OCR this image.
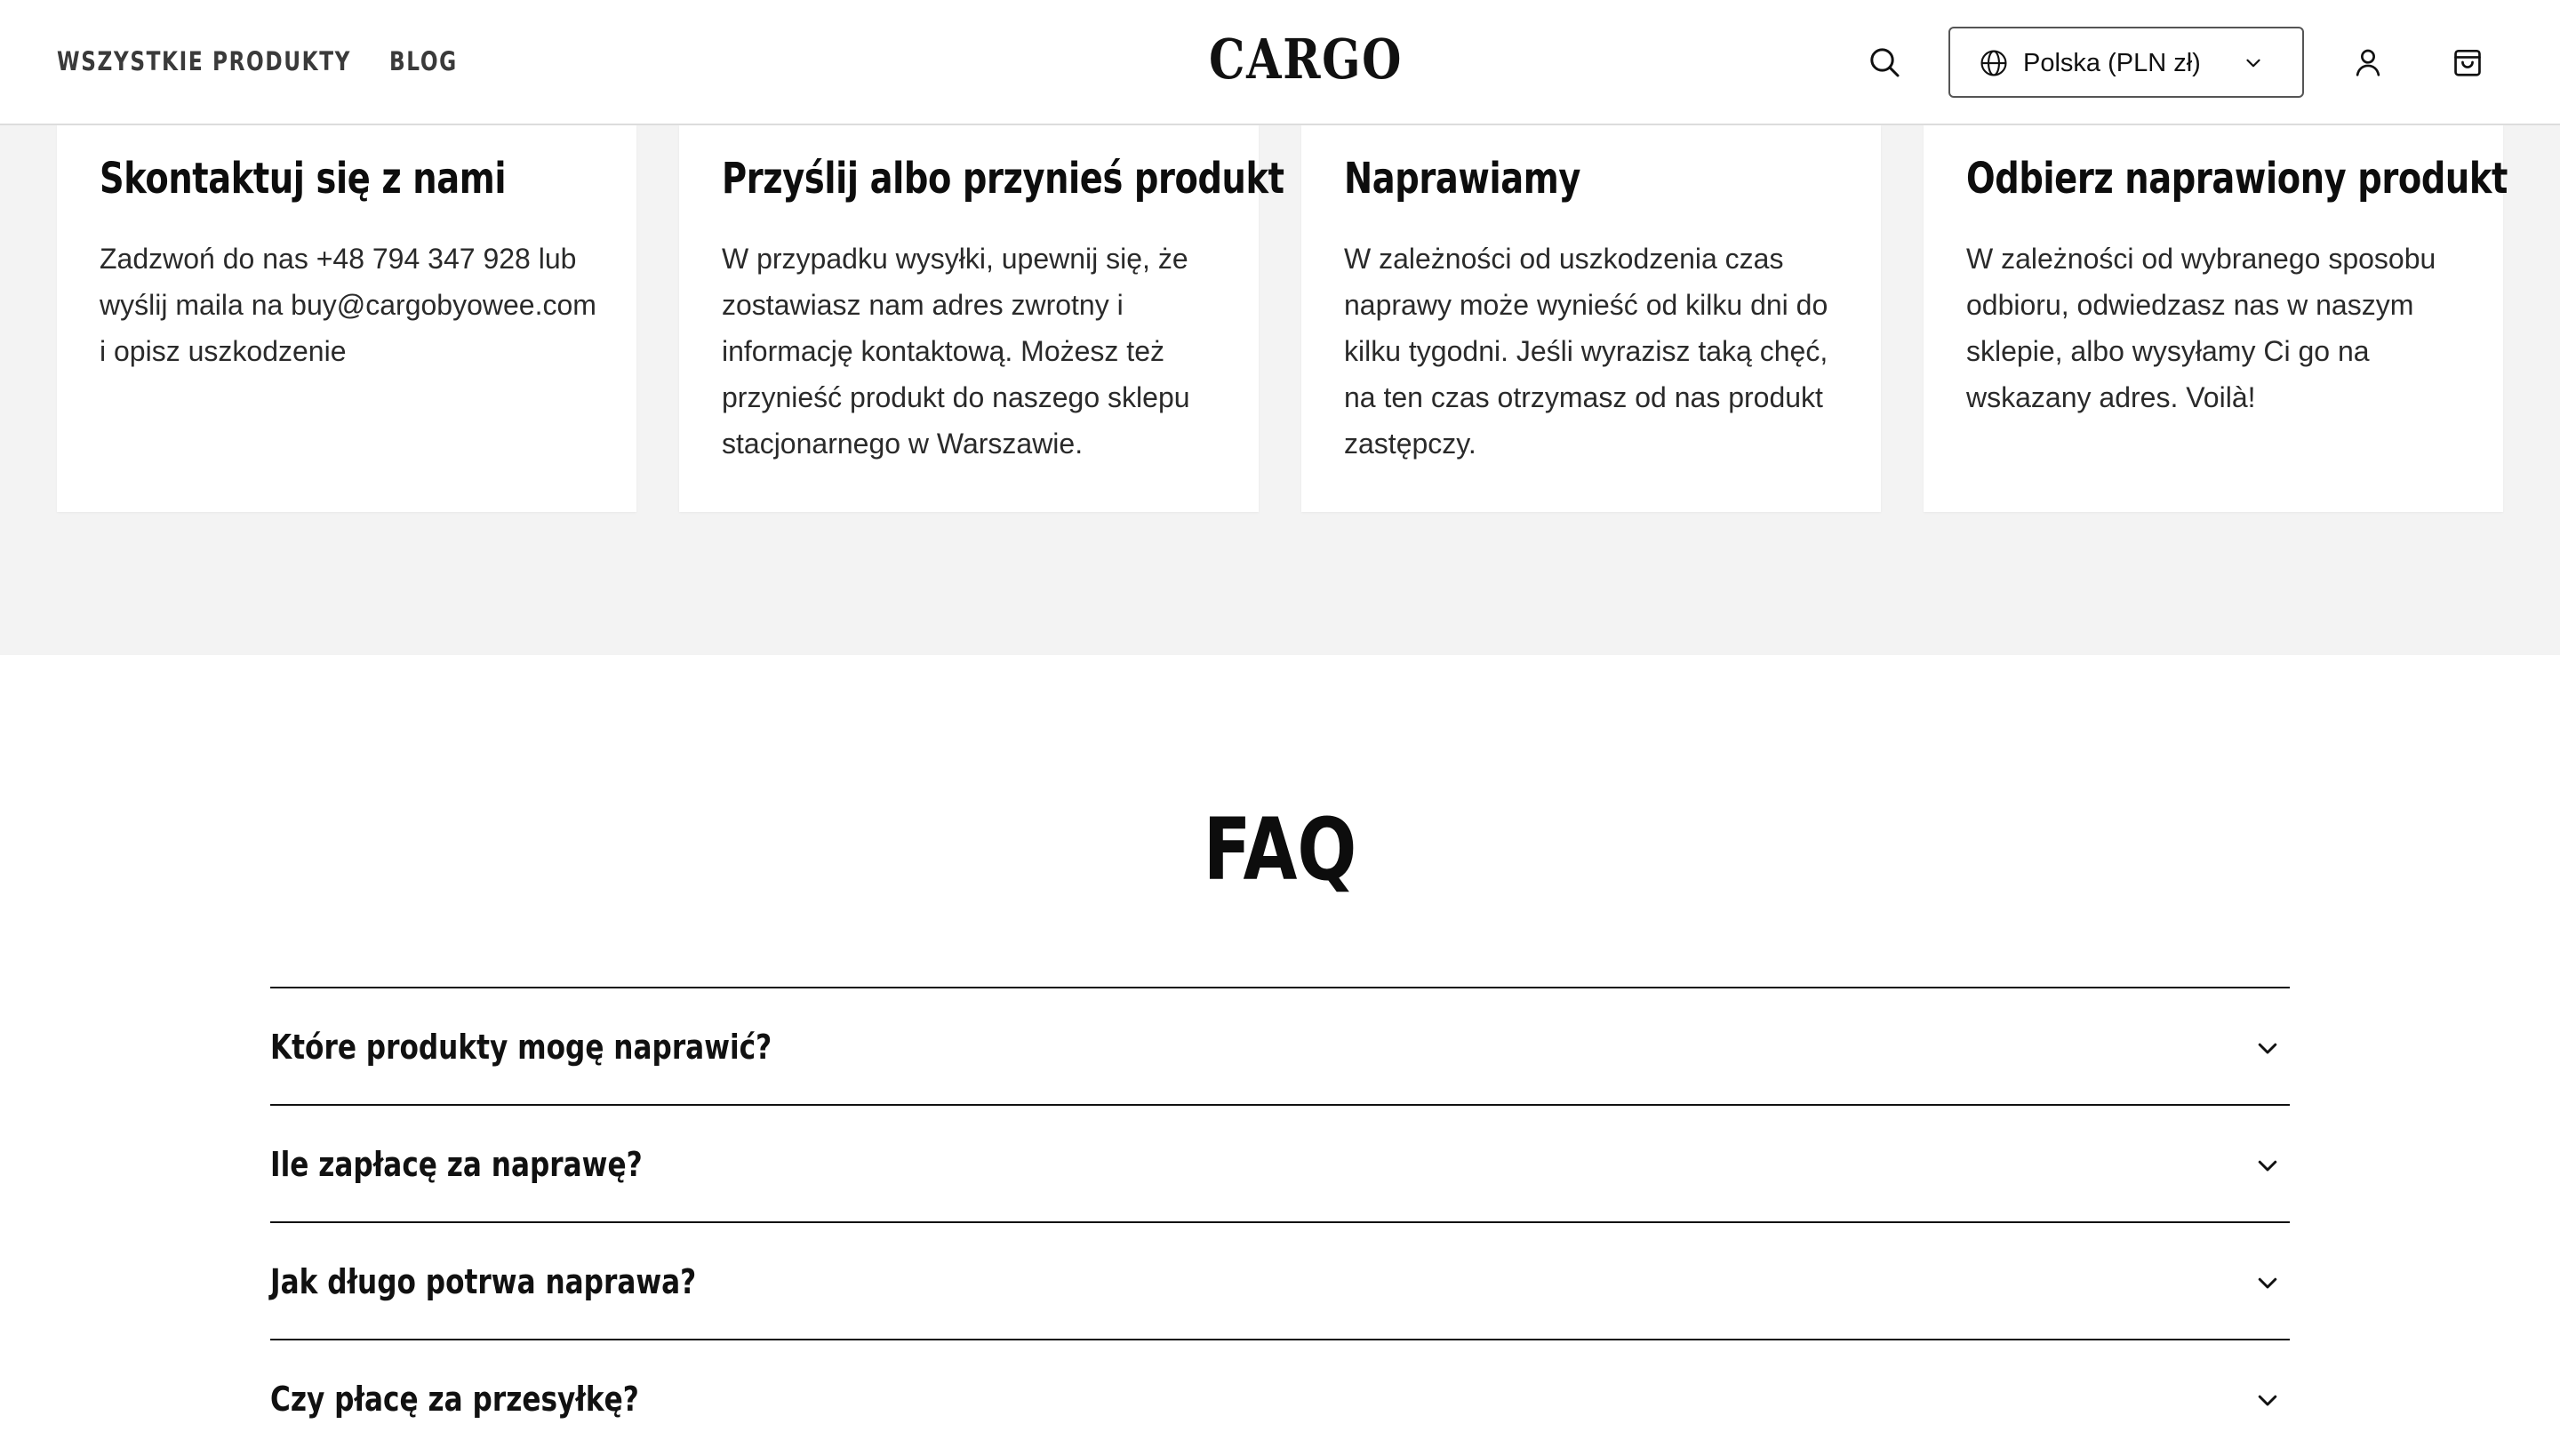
WSZYSTKIE PRODUKTY BLOG	CARGO	Polska (PLN zł)
Skontaktuj się z nami

Zadzwoń do nas +48 794 347 928 lub wyślij maila na buy@cargobyowee.com i opisz uszkodzenie

Przyślij albo przynieś produkt

W przypadku wysyłki, upewnij się, że zostawiasz nam adres zwrotny i informację kontaktową. Możesz też przynieść produkt do naszego sklepu stacjonarnego w Warszawie.

Naprawiamy

W zależności od uszkodzenia czas naprawy może wynieść od kilku dni do kilku tygodni. Jeśli wyrazisz taką chęć, na ten czas otrzymasz od nas produkt zastępczy.

Odbierz naprawiony produkt

W zależności od wybranego sposobu odbioru, odwiedzasz nas w naszym sklepie, albo wysyłamy Ci go na wskazany adres. Voilà!

FAQ
Które produkty mogę naprawić?
Ile zapłacę za naprawę?
Jak długo potrwa naprawa?
Czy płacę za przesyłkę?
